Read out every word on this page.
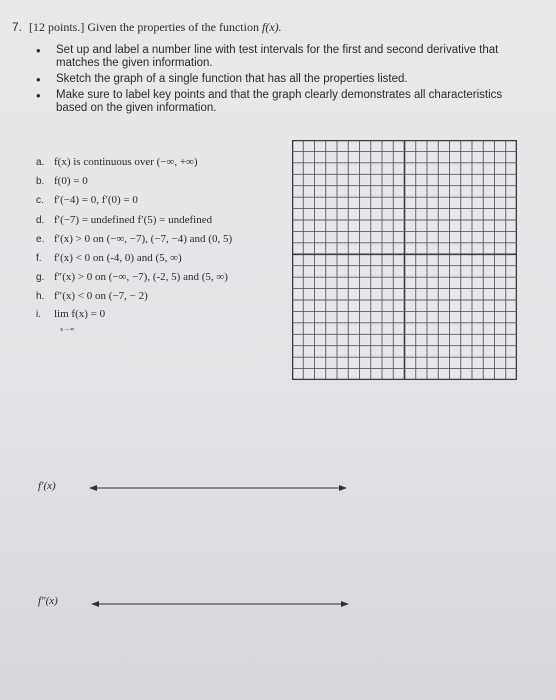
7. [12 points.] Given the properties of the function f(x).
• Set up and label a number line with test intervals for the first and second derivative that matches the given information.
• Sketch the graph of a single function that has all the properties listed.
• Make sure to label key points and that the graph clearly demonstrates all characteristics based on the given information.
a. f(x) is continuous over (−∞, +∞)
b. f(0) = 0
c. f′(−4) = 0, f′(0) = 0
d. f′(−7) = undefined f′(5) = undefined
e. f′(x) > 0 on (−∞, −7), (−7, −4) and (0, 5)
f. f′(x) < 0 on (-4, 0) and (5, ∞)
g. f″(x) > 0 on (−∞, −7), (-2, 5) and (5, ∞)
h. f″(x) < 0 on (−7, − 2)
i. lim f(x) = 0
x→∞
f′(x)
f″(x)
